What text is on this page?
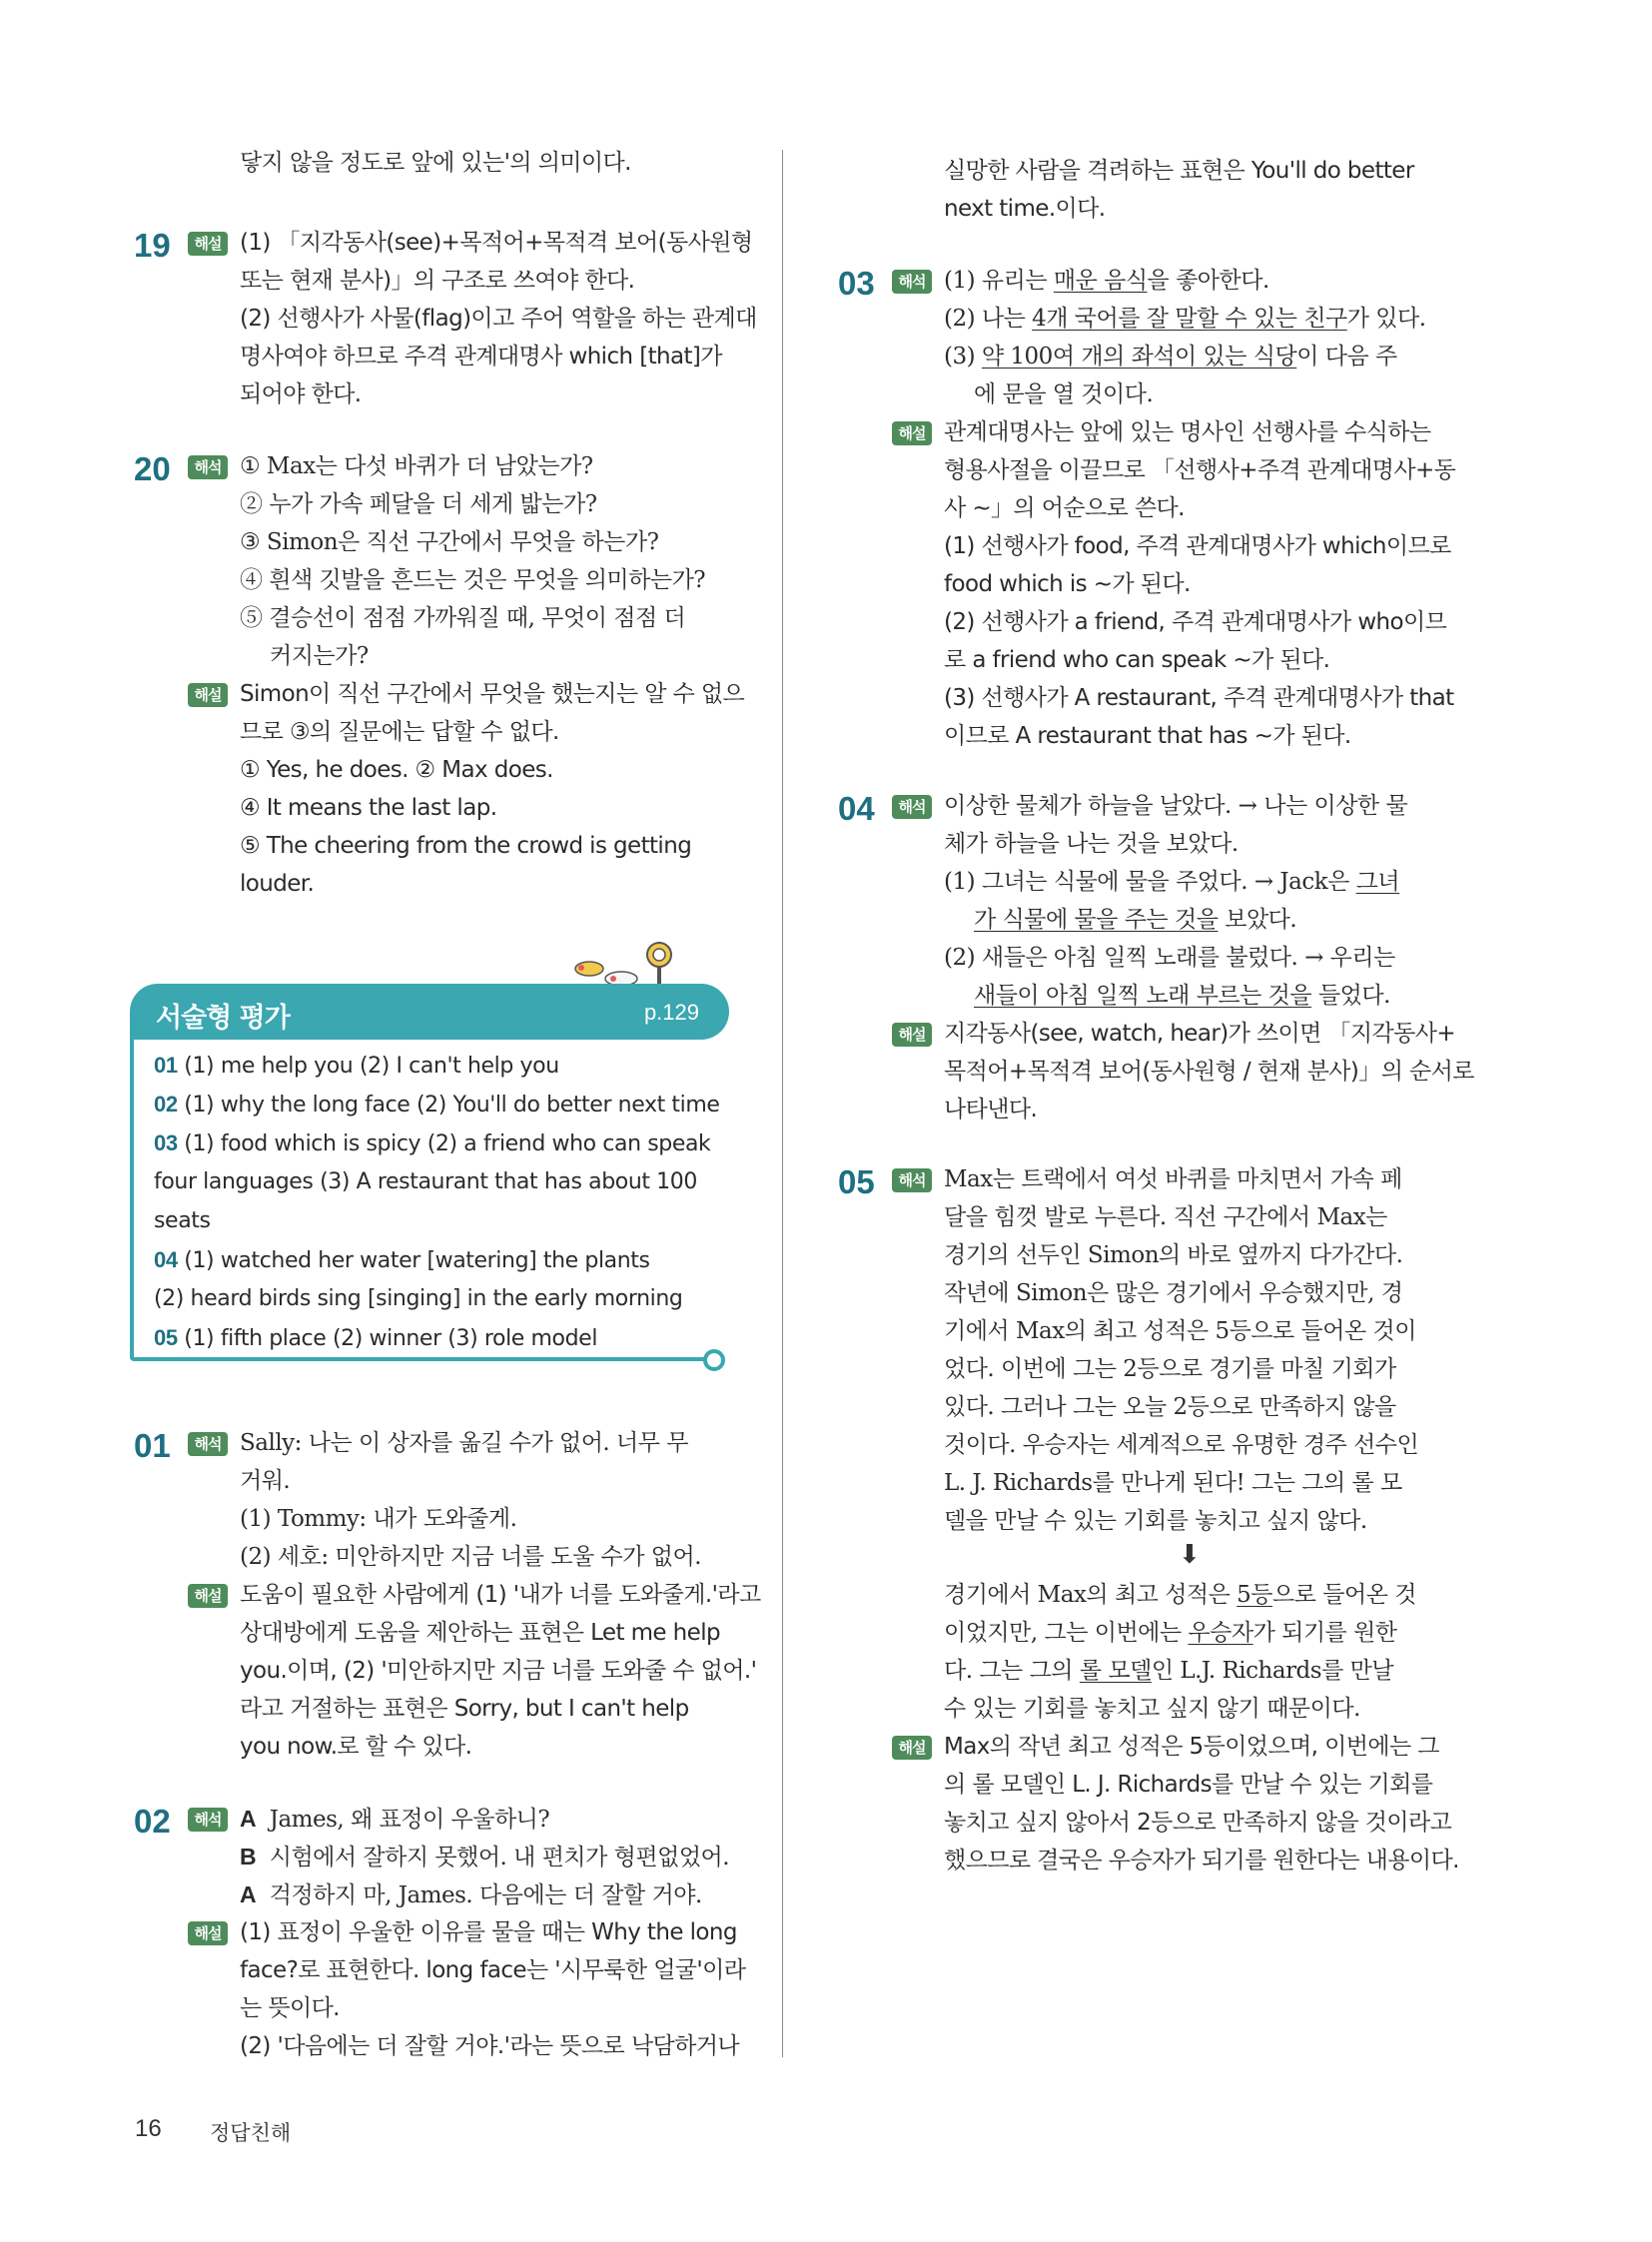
닿지 않을 정도로 앞에 있는'의 의미이다.
19	해설 (1) 「지각동사(see)+목적어+목적격 보어(동사원형
또는 현재 분사)」의 구조로 쓰여야 한다.
(2) 선행사가 사물(flag)이고 주어 역할을 하는 관계대
명사여야 하므로 주격 관계대명사 which [that]가
되어야 한다.
20	해석 ① Max는 다섯 바퀴가 더 남았는가?
② 누가 가속 페달을 더 세게 밟는가?
③ Simon은 직선 구간에서 무엇을 하는가?
④ 흰색 깃발을 흔드는 것은 무엇을 의미하는가?
⑤ 결승선이 점점 가까워질 때, 무엇이 점점 더
커지는가?
해설 Simon이 직선 구간에서 무엇을 했는지는 알 수 없으
므로 ③의 질문에는 답할 수 없다.
① Yes, he does. ② Max does.
④ It means the last lap.
⑤ The cheering from the crowd is getting
louder.
서술형 평가	p.129
01 (1) me help you (2) I can't help you
02 (1) why the long face (2) You'll do better next time
03 (1) food which is spicy (2) a friend who can speak
four languages (3) A restaurant that has about 100
seats
04 (1) watched her water [watering] the plants
(2) heard birds sing [singing] in the early morning
05 (1) fifth place (2) winner (3) role model
01	해석 Sally: 나는 이 상자를 옮길 수가 없어. 너무 무
거워.
(1) Tommy: 내가 도와줄게.
(2) 세호: 미안하지만 지금 너를 도울 수가 없어.
해설 도움이 필요한 사람에게 (1) '내가 너를 도와줄게.'라고
상대방에게 도움을 제안하는 표현은 Let me help
you.이며, (2) '미안하지만 지금 너를 도와줄 수 없어.'
라고 거절하는 표현은 Sorry, but I can't help
you now.로 할 수 있다.
02	해석 A James, 왜 표정이 우울하니?
B 시험에서 잘하지 못했어. 내 편치가 형편없었어.
A 걱정하지 마, James. 다음에는 더 잘할 거야.
해설 (1) 표정이 우울한 이유를 물을 때는 Why the long
face?로 표현한다. long face는 '시무룩한 얼굴'이라
는 뜻이다.
(2) '다음에는 더 잘할 거야.'라는 뜻으로 낙담하거나
실망한 사람을 격려하는 표현은 You'll do better
next time.이다.
03	해석 (1) 유리는 매운 음식을 좋아한다.
(2) 나는 4개 국어를 잘 말할 수 있는 친구가 있다.
(3) 약 100여 개의 좌석이 있는 식당이 다음 주
에 문을 열 것이다.
해설 관계대명사는 앞에 있는 명사인 선행사를 수식하는
형용사절을 이끌므로 「선행사+주격 관계대명사+동
사 ~」의 어순으로 쓴다.
(1) 선행사가 food, 주격 관계대명사가 which이므로
food which is ~가 된다.
(2) 선행사가 a friend, 주격 관계대명사가 who이므
로 a friend who can speak ~가 된다.
(3) 선행사가 A restaurant, 주격 관계대명사가 that
이므로 A restaurant that has ~가 된다.
04	해석 이상한 물체가 하늘을 날았다. → 나는 이상한 물
체가 하늘을 나는 것을 보았다.
(1) 그녀는 식물에 물을 주었다. → Jack은 그녀
가 식물에 물을 주는 것을 보았다.
(2) 새들은 아침 일찍 노래를 불렀다. → 우리는
새들이 아침 일찍 노래 부르는 것을 들었다.
해설 지각동사(see, watch, hear)가 쓰이면 「지각동사+
목적어+목적격 보어(동사원형 / 현재 분사)」의 순서로
나타낸다.
05	해석 Max는 트랙에서 여섯 바퀴를 마치면서 가속 페
달을 힘껏 발로 누른다. 직선 구간에서 Max는
경기의 선두인 Simon의 바로 옆까지 다가간다.
작년에 Simon은 많은 경기에서 우승했지만, 경
기에서 Max의 최고 성적은 5등으로 들어온 것이
었다. 이번에 그는 2등으로 경기를 마칠 기회가
있다. 그러나 그는 오늘 2등으로 만족하지 않을
것이다. 우승자는 세계적으로 유명한 경주 선수인
L. J. Richards를 만나게 된다! 그는 그의 롤 모
델을 만날 수 있는 기회를 놓치고 싶지 않다.
⬇
경기에서 Max의 최고 성적은 5등으로 들어온 것
이었지만, 그는 이번에는 우승자가 되기를 원한
다. 그는 그의 롤 모델인 L.J. Richards를 만날
수 있는 기회를 놓치고 싶지 않기 때문이다.
해설 Max의 작년 최고 성적은 5등이었으며, 이번에는 그
의 롤 모델인 L. J. Richards를 만날 수 있는 기회를
놓치고 싶지 않아서 2등으로 만족하지 않을 것이라고
했으므로 결국은 우승자가 되기를 원한다는 내용이다.
16 정답친해
